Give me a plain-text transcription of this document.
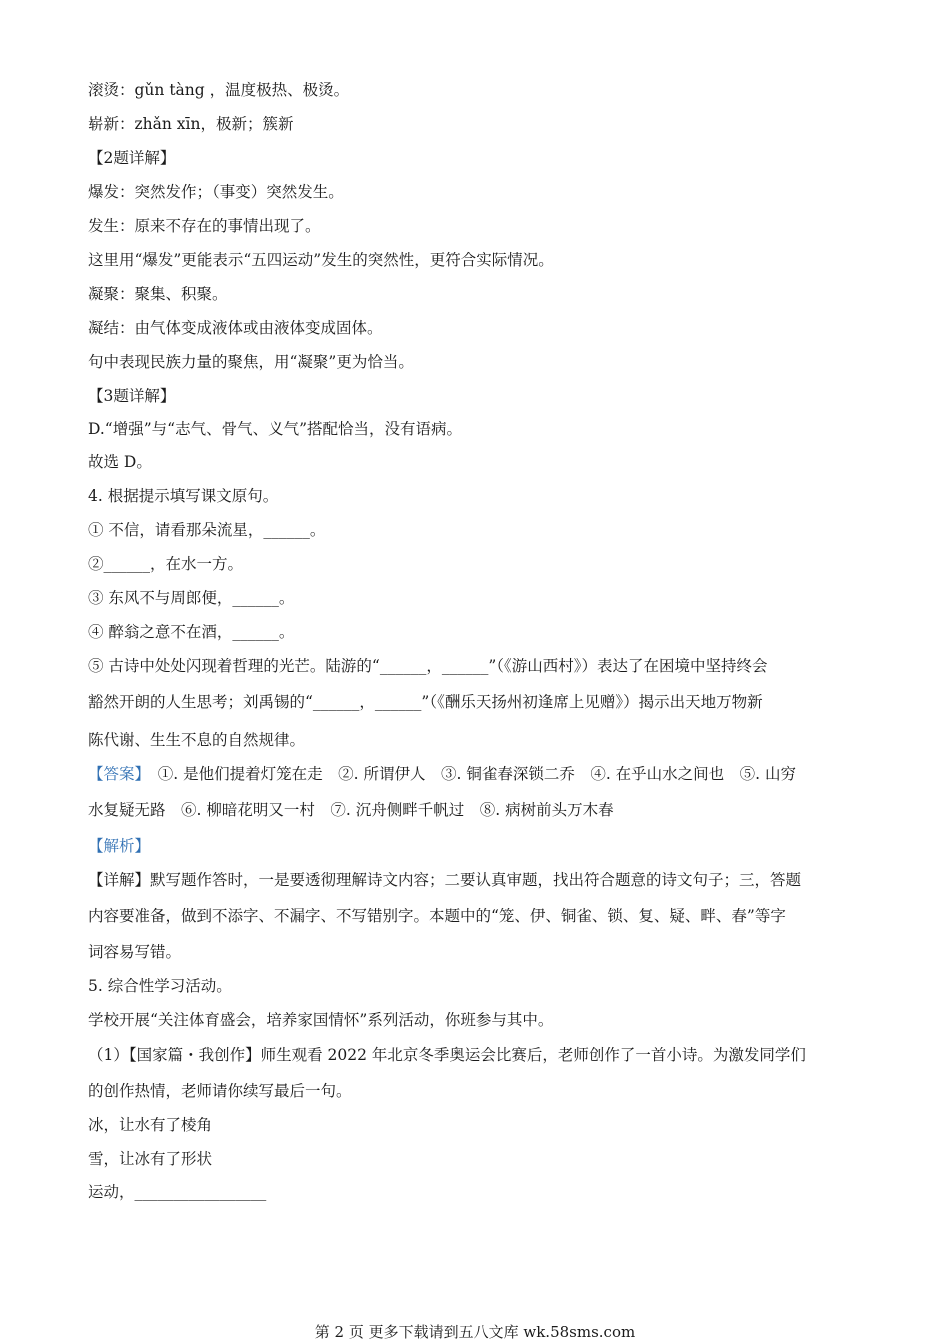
滚烫：gǔn tàng ，温度极热、极烫。
崭新：zhǎn xīn，极新；簇新
【2题详解】
爆发：突然发作；（事变）突然发生。
发生：原来不存在的事情出现了。
这里用“爆发”更能表示“五四运动”发生的突然性，更符合实际情况。
凝聚：聚集、积聚。
凝结：由气体变成液体或由液体变成固体。
句中表现民族力量的聚焦，用“凝聚”更为恰当。
【3题详解】
D.“增强”与“志气、骨气、义气”搭配恰当，没有语病。
故选 D。
4. 根据提示填写课文原句。
① 不信，请看那朵流星，______。
②______，在水一方。
③ 东风不与周郎便，______。
④ 醉翁之意不在酒，______。
⑤ 古诗中处处闪现着哲理的光芒。陆游的“______，______”（《游山西村》）表达了在困境中坚持终会
豁然开朗的人生思考；刘禹锡的“______，______”（《酬乐天扬州初逢席上见赠》）揭示出天地万物新
陈代谢、生生不息的自然规律。
【答案】　①. 是他们提着灯笼在走　②. 所谓伊人　③. 铜雀春深锁二乔　④. 在乎山水之间也　⑤. 山穷
水复疑无路　⑥. 柳暗花明又一村　⑦. 沉舟侧畔千帆过　⑧. 病树前头万木春
【解析】
【详解】默写题作答时，一是要透彻理解诗文内容；二要认真审题，找出符合题意的诗文句子；三，答题
内容要准备，做到不添字、不漏字、不写错别字。本题中的“笼、伊、铜雀、锁、复、疑、畔、春”等字
词容易写错。
5. 综合性学习活动。
学校开展“关注体育盛会，培养家国情怀”系列活动，你班参与其中。
（1）【国家篇・我创作】师生观看 2022 年北京冬季奥运会比赛后，老师创作了一首小诗。为激发同学们
的创作热情，老师请你续写最后一句。
冰，让水有了棱角
雪，让冰有了形状
运动，_________________
第 2 页 更多下载请到五八文库 wk.58sms.com
